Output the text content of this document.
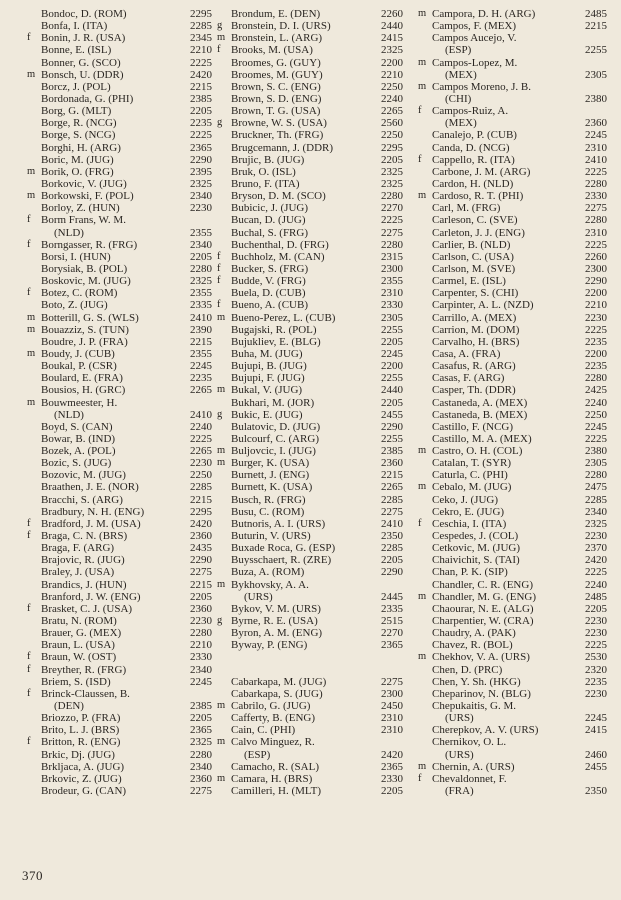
Bondoc, D. (ROM)	2295
Bonfa, I. (ITA)	2285
f Bonin, J. R. (USA)	2345
Bonne, E. (ISL)	2210
Bonner, G. (SCO)	2225
m Bonsch, U. (DDR)	2420
Borcz, J. (POL)	2215
Bordonada, G. (PHI)	2385
Borg, G. (MLT)	2205
Borge, R. (NCG)	2235
Borge, S. (NCG)	2225
Borghi, H. (ARG)	2365
Boric, M. (JUG)	2290
m Borik, O. (FRG)	2395
Borkovic, V. (JUG)	2325
m Borkowski, F. (POL)	2340
Borloy, Z. (HUN)	2230
f Borm Frans, W. M.
(NLD)	2355
f Borngasser, R. (FRG)	2340
Borsi, I. (HUN)	2205
Borysiak, B. (POL)	2280
Boskovic, M. (JUG)	2325
f Botez, C. (ROM)	2355
Boto, Z. (JUG)	2335
m Botterill, G. S. (WLS)	2410
m Bouazziz, S. (TUN)	2390
Boudre, J. P. (FRA)	2215
m Boudy, J. (CUB)	2355
Boukal, P. (CSR)	2245
Boulard, E. (FRA)	2235
Bousios, H. (GRC)	2265
m Bouwmeester, H.
(NLD)	2410
Boyd, S. (CAN)	2240
Bowar, B. (IND)	2225
Bozek, A. (POL)	2265
Bozic, S. (JUG)	2230
Bozovic, M. (JUG)	2250
Braathen, J. E. (NOR)	2285
Bracchi, S. (ARG)	2215
Bradbury, N. H. (ENG)	2295
f Bradford, J. M. (USA)	2420
f Braga, C. N. (BRS)	2360
Braga, F. (ARG)	2435
Brajovic, R. (JUG)	2290
Braley, J. (USA)	2275
Brandics, J. (HUN)	2215
Branford, J. W. (ENG)	2205
f Brasket, C. J. (USA)	2360
Bratu, N. (ROM)	2230
Brauer, G. (MEX)	2280
Braun, L. (USA)	2210
f Braun, W. (OST)	2330
f Breyther, R. (FRG)	2340
Briem, S. (ISD)	2245
f Brinck-Claussen, B.
(DEN)	2385
Briozzo, P. (FRA)	2205
Brito, L. J. (BRS)	2365
f Britton, R. (ENG)	2325
Brkic, Dj. (JUG)	2280
Brkljaca, A. (JUG)	2340
Brkovic, Z. (JUG)	2360
Brodeur, G. (CAN)	2275
Brondum, E. (DEN)	2260
g Bronstein, D. I. (URS)	2440
m Bronstein, L. (ARG)	2415
f Brooks, M. (USA)	2325
Broomes, G. (GUY)	2200
Broomes, M. (GUY)	2210
Brown, S. C. (ENG)	2250
Brown, S. D. (ENG)	2240
Brown, T. G. (USA)	2265
g Browne, W. S. (USA)	2560
Bruckner, Th. (FRG)	2250
Brugcemann, J. (DDR)	2295
Brujic, B. (JUG)	2205
Bruk, O. (ISL)	2325
Bruno, F. (ITA)	2325
Bryson, D. M. (SCO)	2280
Bubicic, J. (JUG)	2270
Bucan, D. (JUG)	2225
Buchal, S. (FRG)	2275
Buchenthal, D. (FRG)	2280
f Buchholz, M. (CAN)	2315
f Bucker, S. (FRG)	2300
f Budde, V. (FRG)	2355
Buela, D. (CUB)	2310
f Bueno, A. (CUB)	2330
m Bueno-Perez, L. (CUB)	2305
Bugajski, R. (POL)	2255
Bujukliev, E. (BLG)	2205
Buha, M. (JUG)	2245
Bujupi, B. (JUG)	2200
Bujupi, F. (JUG)	2255
m Bukal, V. (JUG)	2440
Bukhari, M. (JOR)	2205
g Bukic, E. (JUG)	2455
Bulatovic, D. (JUG)	2290
Bulcourf, C. (ARG)	2255
m Buljovcic, I. (JUG)	2385
m Burger, K. (USA)	2360
Burnett, J. (ENG)	2215
Burnett, K. (USA)	2265
Busch, R. (FRG)	2285
Busu, C. (ROM)	2275
Butnoris, A. I. (URS)	2410
Buturin, V. (URS)	2350
Buxade Roca, G. (ESP)	2285
Buysschaert, R. (ZRE)	2205
Buza, A. (ROM)	2290
m Bykhovsky, A. A.
(URS)	2445
Bykov, V. M. (URS)	2335
g Byrne, R. E. (USA)	2515
Byron, A. M. (ENG)	2270
Byway, P. (ENG)	2365
Cabarkapa, M. (JUG)	2275
Cabarkapa, S. (JUG)	2300
m Cabrilo, G. (JUG)	2450
Cafferty, B. (ENG)	2310
Cain, C. (PHI)	2310
m Calvo Minguez, R.
(ESP)	2420
Camacho, R. (SAL)	2365
m Camara, H. (BRS)	2330
Camilleri, H. (MLT)	2205
m Campora, D. H. (ARG)	2485
Campos, F. (MEX)	2215
Campos Aucejo, V.
(ESP)	2255
m Campos-Lopez, M.
(MEX)	2305
m Campos Moreno, J. B.
(CHI)	2380
f Campos-Ruiz, A.
(MEX)	2360
Canalejo, P. (CUB)	2245
Canda, D. (NCG)	2310
f Cappello, R. (ITA)	2410
Carbone, J. M. (ARG)	2225
Cardon, H. (NLD)	2280
m Cardoso, R. T. (PHI)	2330
Carl, M. (FRG)	2275
Carleson, C. (SVE)	2280
Carleton, J. J. (ENG)	2310
Carlier, B. (NLD)	2225
Carlson, C. (USA)	2260
Carlson, M. (SVE)	2300
Carmel, E. (ISL)	2290
Carpenter, S. (CHI)	2200
Carpinter, A. L. (NZD)	2210
Carrillo, A. (MEX)	2230
Carrion, M. (DOM)	2225
Carvalho, H. (BRS)	2235
Casa, A. (FRA)	2200
Casafus, R. (ARG)	2235
Casas, F. (ARG)	2280
Casper, Th. (DDR)	2425
Castaneda, A. (MEX)	2240
Castaneda, B. (MEX)	2250
Castillo, F. (NCG)	2245
Castillo, M. A. (MEX)	2225
m Castro, O. H. (COL)	2380
Catalan, T. (SYR)	2305
Caturla, C. (PHI)	2280
m Cebalo, M. (JUG)	2475
Ceko, J. (JUG)	2285
Cekro, E. (JUG)	2340
f Ceschia, I. (ITA)	2325
Cespedes, J. (COL)	2230
Cetkovic, M. (JUG)	2370
Chaivichit, S. (TAI)	2420
Chan, P. K. (SIP)	2225
Chandler, C. R. (ENG)	2240
m Chandler, M. G. (ENG)	2485
Chaourar, N. E. (ALG)	2205
Charpentier, W. (CRA)	2230
Chaudry, A. (PAK)	2230
Chavez, R. (BOL)	2225
m Chekhov, V. A. (URS)	2530
Chen, D. (PRC)	2320
Chen, Y. Sh. (HKG)	2235
Cheparinov, N. (BLG)	2230
Chepukaitis, G. M.
(URS)	2245
Cherepkov, A. V. (URS)	2415
Chernikov, O. L.
(URS)	2460
m Chernin, A. (URS)	2455
f Chevaldonnet, F.
(FRA)	2350
370
